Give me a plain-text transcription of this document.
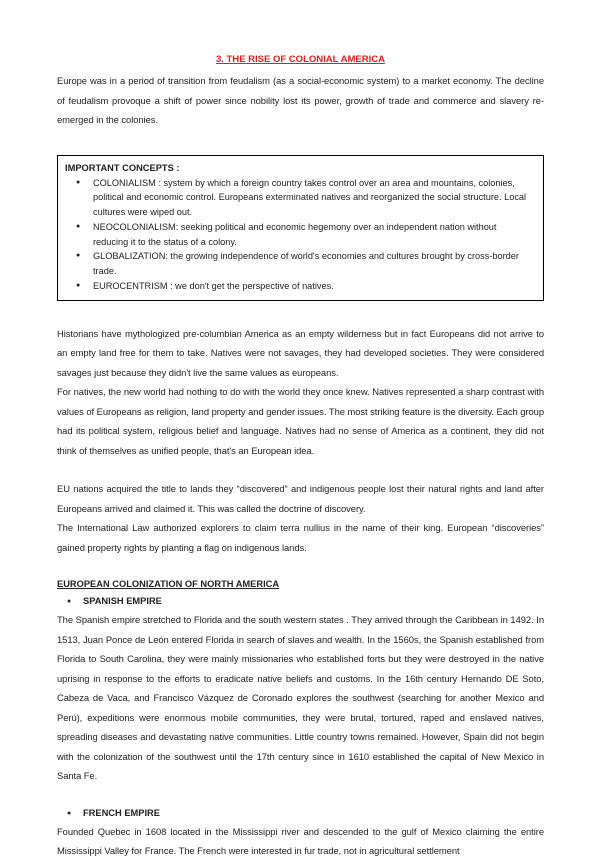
3. THE RISE OF COLONIAL AMERICA

Europe was in a period of transition from feudalism (as a social-economic system) to a market economy. The decline of feudalism provoque a shift of power since nobility lost its power, growth of trade and commerce and slavery re-emerged in the colonies.

IMPORTANT CONCEPTS :

● COLONIALISM : system by which a foreign country takes control over an area and mountains, colonies, political and economic control. Europeans exterminated natives and reorganized the social structure. Local cultures were wiped out.
● NEOCOLONIALISM: seeking political and economic hegemony over an independent nation without reducing it to the status of a colony.
● GLOBALIZATION: the growing independence of world's economies and cultures brought by cross-border trade.
● EUROCENTRISM : we don't get the perspective of natives.

Historians have mythologized pre-columbian America as an empty wilderness but in fact Europeans did not arrive to an empty land free for them to take. Natives were not savages, they had developed societies. They were considered savages just because they didn't live the same values as europeans.

For natives, the new world had nothing to do with the world they once knew. Natives represented a sharp contrast with values of Europeans as religion, land property and gender issues. The most striking feature is the diversity. Each group had its political system, religious belief and language. Natives had no sense of America as a continent, they did not think of themselves as unified people, that's an European idea.

EU nations acquired the title to lands they “discovered” and indigenous people lost their natural rights and land after Europeans arrived and claimed it. This was called the doctrine of discovery.

The International Law authorized explorers to claim terra nullius in the name of their king. European “discoveries” gained property rights by planting a flag on indigenous lands.

EUROPEAN COLONIZATION OF NORTH AMERICA

● SPANISH EMPIRE

The Spanish empire stretched to Florida and the south western states . They arrived through the Caribbean in 1492. In 1513, Juan Ponce de León entered Florida in search of slaves and wealth. In the 1560s, the Spanish established from Florida to South Carolina, they were mainly missionaries who established forts but they were destroyed in the native uprising in response to the efforts to eradicate native beliefs and customs. In the 16th century Hernando DE Soto, Cabeza de Vaca, and Francisco Vázquez de Coronado explores the southwest (searching for another Mexico and Perú), expeditions were enormous mobile communities, they were brutal, tortured, raped and enslaved natives, spreading diseases and devastating native communities. Little country towns remained. However, Spain did not begin with the colonization of the southwest until the 17th century since in 1610 established the capital of New Mexico in Santa Fe.

● FRENCH EMPIRE

Founded Quebec in 1608 located in the Mississippi river and descended to the gulf of Mexico claiming the entire Mississippi Valley for France. The French were interested in fur trade, not in agricultural settlement
